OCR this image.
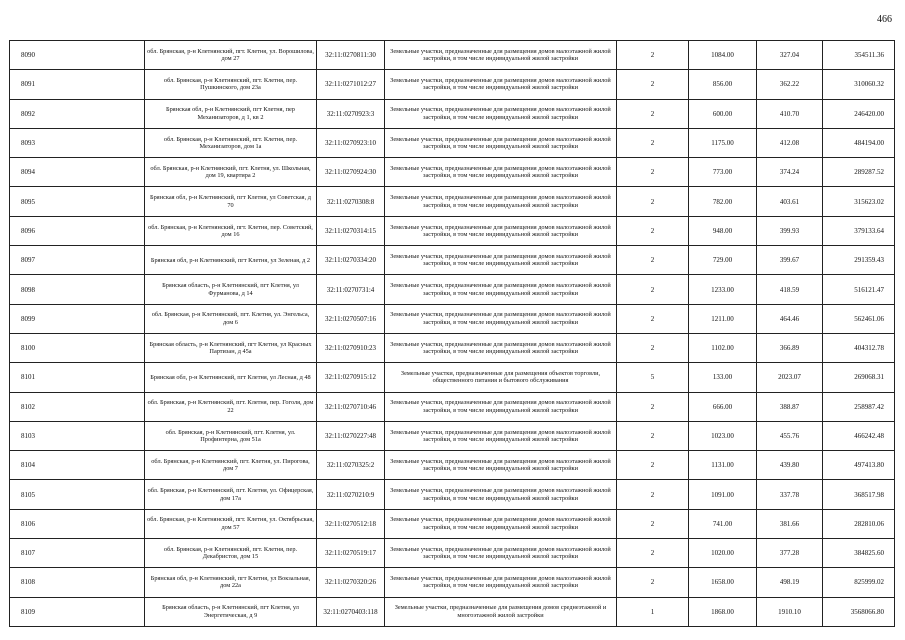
466
8090	обл. Брянская, р-н Клетнянский, пгт. Клетня, ул. Ворошилова, дом 27	32:11:0270811:30	Земельные участки, предназначенные для размещения домов малоэтажной жилой застройки, в том числе индивидуальной жилой застройки	2	1084.00	327.04	354511.36
8091	обл. Брянская, р-н Клетнянский, пгт. Клетня, пер. Пушкинского, дом 23а	32:11:0271012:27	Земельные участки, предназначенные для размещения домов малоэтажной жилой застройки, в том числе индивидуальной жилой застройки	2	856.00	362.22	310060.32
8092	Брянская обл, р-н Клетнянский, пгт Клетня, пер Механизаторов, д 1, кв 2	32:11:0270923:3	Земельные участки, предназначенные для размещения домов малоэтажной жилой застройки, в том числе индивидуальной жилой застройки	2	600.00	410.70	246420.00
8093	обл. Брянская, р-н Клетнянский, пгт. Клетня, пер. Механизаторов, дом 1а	32:11:0270923:10	Земельные участки, предназначенные для размещения домов малоэтажной жилой застройки, в том числе индивидуальной жилой застройки	2	1175.00	412.08	484194.00
8094	обл. Брянская, р-н Клетнянский, пгт. Клетня, ул. Школьная, дом 19, квартира 2	32:11:0270924:30	Земельные участки, предназначенные для размещения домов малоэтажной жилой застройки, в том числе индивидуальной жилой застройки	2	773.00	374.24	289287.52
8095	Брянская обл, р-н Клетнянский, пгт Клетня, ул Советская, д 70	32:11:0270308:8	Земельные участки, предназначенные для размещения домов малоэтажной жилой застройки, в том числе индивидуальной жилой застройки	2	782.00	403.61	315623.02
8096	обл. Брянская, р-н Клетнянский, пгт. Клетня, пер. Советский, дом 16	32:11:0270314:15	Земельные участки, предназначенные для размещения домов малоэтажной жилой застройки, в том числе индивидуальной жилой застройки	2	948.00	399.93	379133.64
8097	Брянская обл, р-н Клетнянский, пгт Клетня, ул Зеленая, д 2	32:11:0270334:20	Земельные участки, предназначенные для размещения домов малоэтажной жилой застройки, в том числе индивидуальной жилой застройки	2	729.00	399.67	291359.43
8098	Брянская область, р-н Клетнянский, пгт Клетня, ул Фурманова, д 14	32:11:0270731:4	Земельные участки, предназначенные для размещения домов малоэтажной жилой застройки, в том числе индивидуальной жилой застройки	2	1233.00	418.59	516121.47
8099	обл. Брянская, р-н Клетнянский, пгт. Клетня, ул. Энгельса, дом 6	32:11:0270507:16	Земельные участки, предназначенные для размещения домов малоэтажной жилой застройки, в том числе индивидуальной жилой застройки	2	1211.00	464.46	562461.06
8100	Брянская область, р-н Клетнянский, пгт Клетня, ул Красных Партизан, д 45а	32:11:0270910:23	Земельные участки, предназначенные для размещения домов малоэтажной жилой застройки, в том числе индивидуальной жилой застройки	2	1102.00	366.89	404312.78
8101	Брянская обл, р-н Клетнянский, пгт Клетня, ул Лесная, д 48	32:11:0270915:12	Земельные участки, предназначенные для размещения объектов торговли, общественного питания и бытового обслуживания	5	133.00	2023.07	269068.31
8102	обл. Брянская, р-н Клетнянский, пгт. Клетня, пер. Гоголя, дом 22	32:11:0270710:46	Земельные участки, предназначенные для размещения домов малоэтажной жилой застройки, в том числе индивидуальной жилой застройки	2	666.00	388.87	258987.42
8103	обл. Брянская, р-н Клетнянский, пгт. Клетня, ул. Профинтерна, дом 51а	32:11:0270227:48	Земельные участки, предназначенные для размещения домов малоэтажной жилой застройки, в том числе индивидуальной жилой застройки	2	1023.00	455.76	466242.48
8104	обл. Брянская, р-н Клетнянский, пгт. Клетня, ул. Пирогова, дом 7	32:11:0270325:2	Земельные участки, предназначенные для размещения домов малоэтажной жилой застройки, в том числе индивидуальной жилой застройки	2	1131.00	439.80	497413.80
8105	обл. Брянская, р-н Клетнянский, пгт. Клетня, ул. Офицерская, дом 17а	32:11:0270210:9	Земельные участки, предназначенные для размещения домов малоэтажной жилой застройки, в том числе индивидуальной жилой застройки	2	1091.00	337.78	368517.98
8106	обл. Брянская, р-н Клетнянский, пгт. Клетня, ул. Октябрьская, дом 57	32:11:0270512:18	Земельные участки, предназначенные для размещения домов малоэтажной жилой застройки, в том числе индивидуальной жилой застройки	2	741.00	381.66	282810.06
8107	обл. Брянская, р-н Клетнянский, пгт. Клетня, пер. Декабристов, дом 15	32:11:0270519:17	Земельные участки, предназначенные для размещения домов малоэтажной жилой застройки, в том числе индивидуальной жилой застройки	2	1020.00	377.28	384825.60
8108	Брянская обл, р-н Клетнянский, пгт Клетня, ул Вокзальная, дом 22а	32:11:0270320:26	Земельные участки, предназначенные для размещения домов малоэтажной жилой застройки, в том числе индивидуальной жилой застройки	2	1658.00	498.19	825999.02
8109	Брянская область, р-н Клетнянский, пгт Клетня, ул Энергетическая, д 9	32:11:0270403:118	Земельные участки, предназначенные для размещения домов среднеэтажной и многоэтажной жилой застройки	1	1868.00	1910.10	3568066.80
